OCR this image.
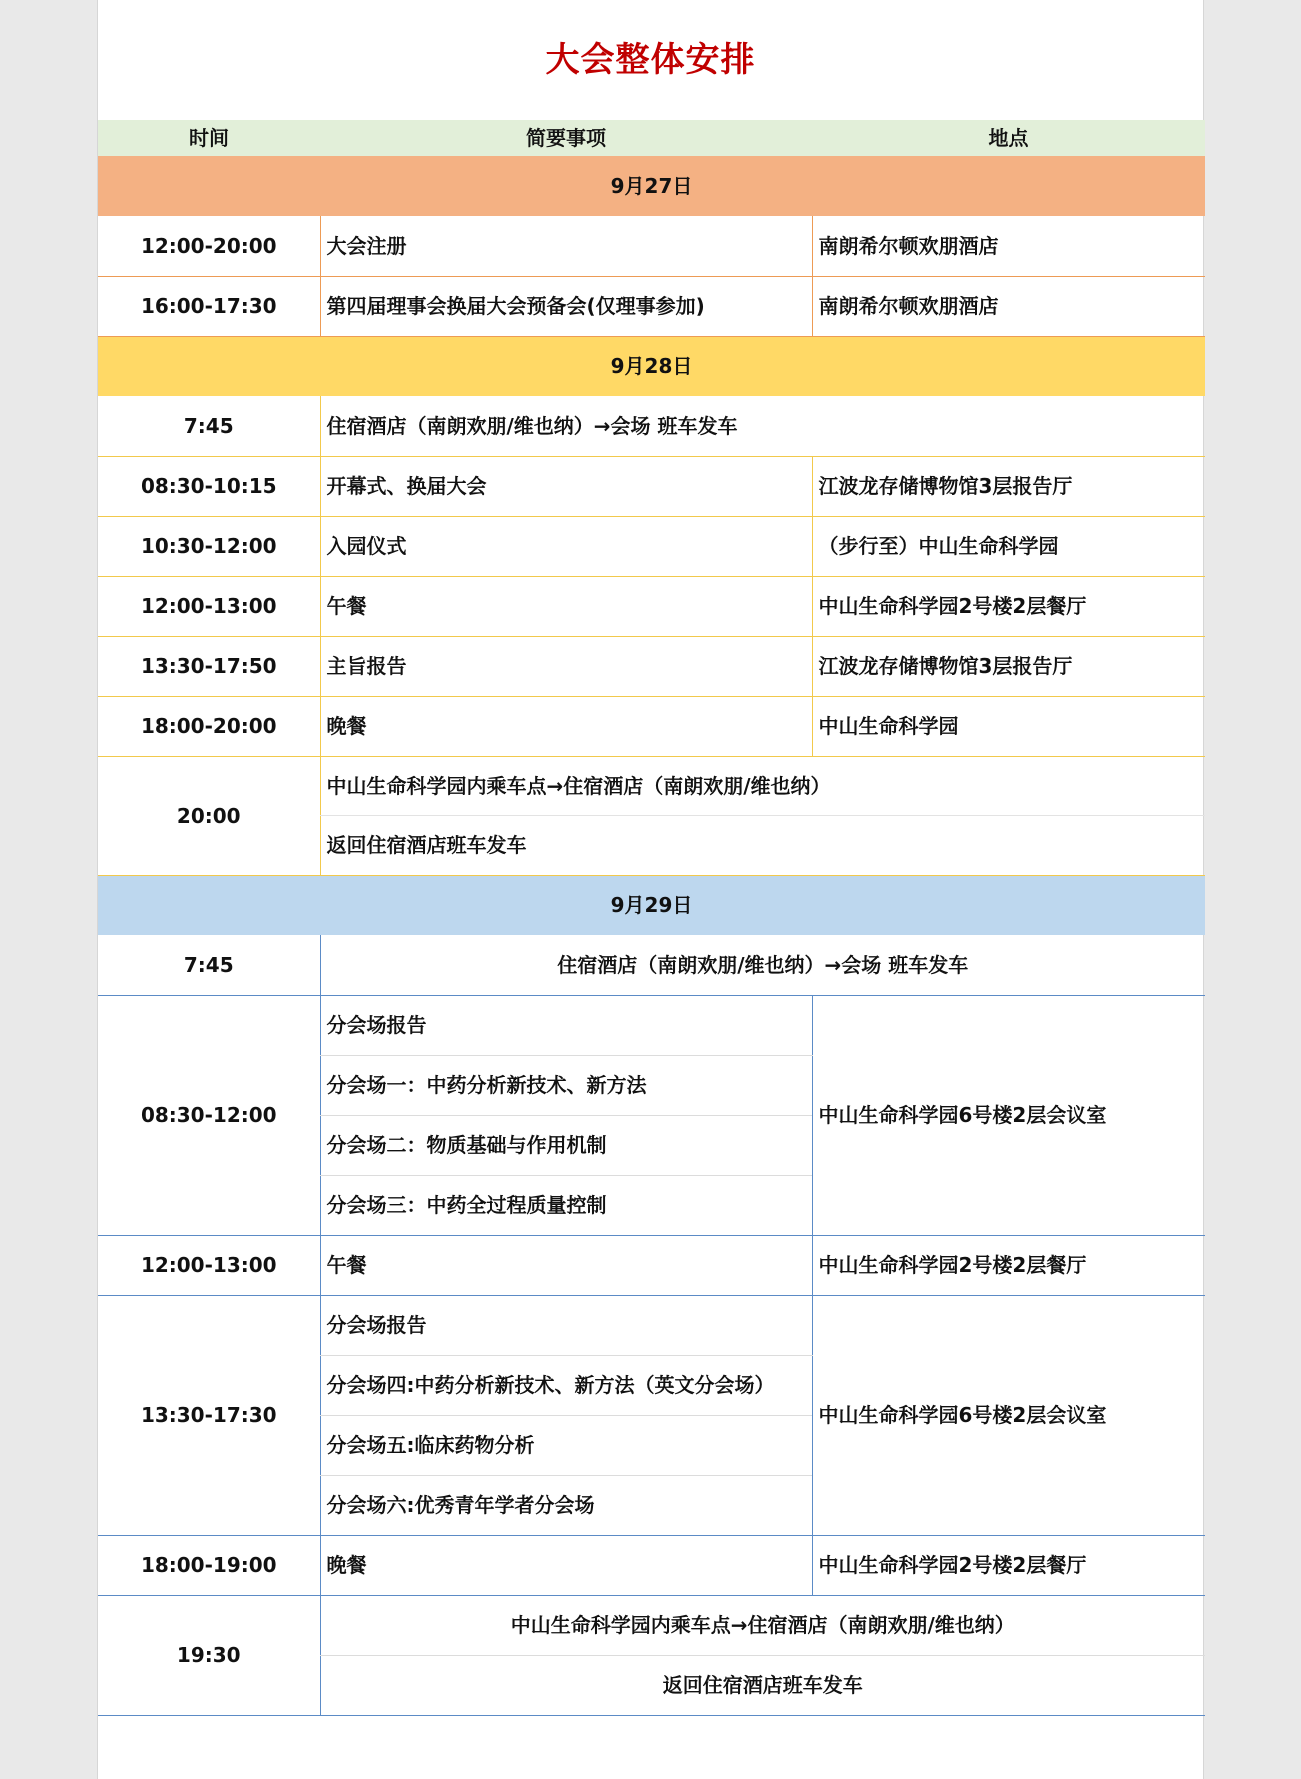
大会整体安排
时间	简要事项	地点
9月27日		
12:00-20:00	大会注册	南朗希尔顿欢朋酒店
16:00-17:30	第四届理事会换届大会预备会(仅理事参加)	南朗希尔顿欢朋酒店
9月28日		
7:45	住宿酒店（南朗欢朋/维也纳）→会场 班车发车	
08:30-10:15	开幕式、换届大会	江波龙存储博物馆3层报告厅
10:30-12:00	入园仪式	（步行至）中山生命科学园
12:00-13:00	午餐	中山生命科学园2号楼2层餐厅
13:30-17:50	主旨报告	江波龙存储博物馆3层报告厅
18:00-20:00	晚餐	中山生命科学园
20:00	中山生命科学园内乘车点→住宿酒店（南朗欢朋/维也纳）	
	返回住宿酒店班车发车	
9月29日		
7:45	住宿酒店（南朗欢朋/维也纳）→会场 班车发车	
08:30-12:00	分会场报告	中山生命科学园6号楼2层会议室
	分会场一：中药分析新技术、新方法	
	分会场二：物质基础与作用机制	
	分会场三：中药全过程质量控制	
12:00-13:00	午餐	中山生命科学园2号楼2层餐厅
13:30-17:30	分会场报告	中山生命科学园6号楼2层会议室
	分会场四:中药分析新技术、新方法（英文分会场）	
	分会场五:临床药物分析	
	分会场六:优秀青年学者分会场	
18:00-19:00	晚餐	中山生命科学园2号楼2层餐厅
19:30	中山生命科学园内乘车点→住宿酒店（南朗欢朋/维也纳）	
	返回住宿酒店班车发车	
